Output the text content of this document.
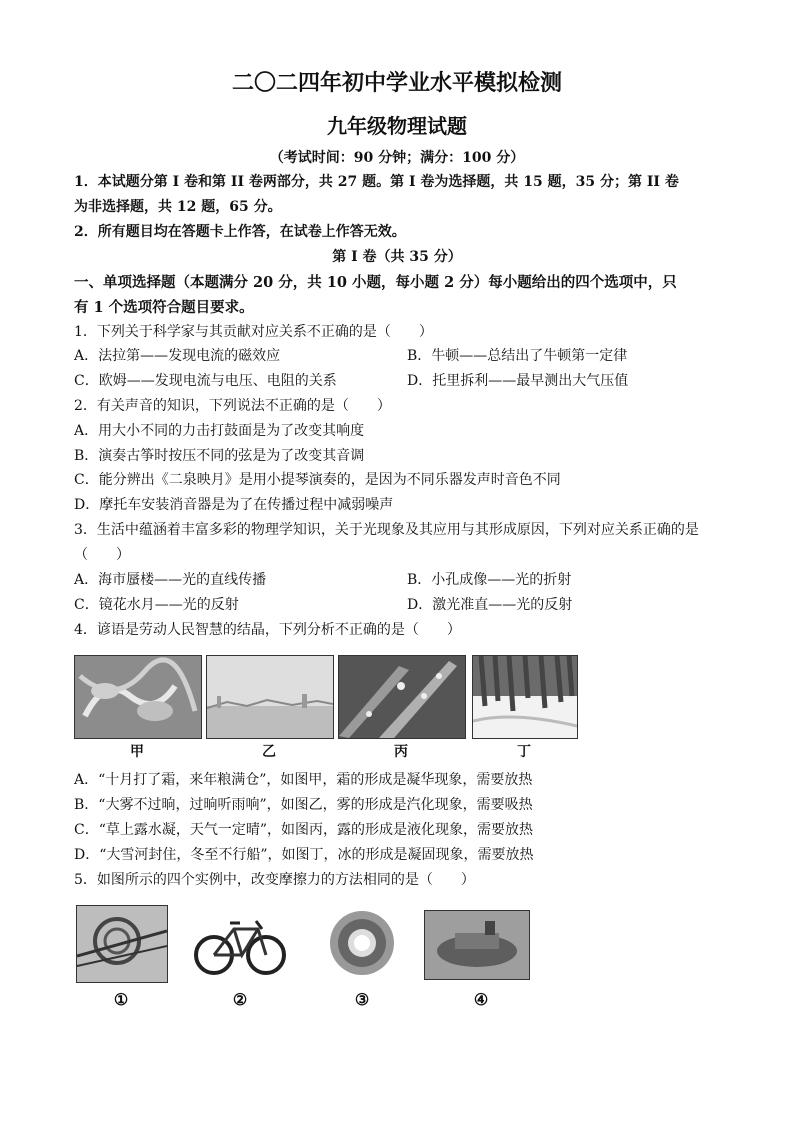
二〇二四年初中学业水平模拟检测
九年级物理试题
（考试时间：90 分钟；满分：100 分）
1．本试题分第 I 卷和第 II 卷两部分，共 27 题。第 I 卷为选择题，共 15 题，35 分；第 II 卷
为非选择题，共 12 题，65 分。
2．所有题目均在答题卡上作答，在试卷上作答无效。
第 I 卷（共 35 分）
一、单项选择题（本题满分 20 分，共 10 小题，每小题 2 分）每小题给出的四个选项中，只
有 1 个选项符合题目要求。
1．下列关于科学家与其贡献对应关系不正确的是（　　）
A．法拉第——发现电流的磁效应	B．牛顿——总结出了牛顿第一定律
C．欧姆——发现电流与电压、电阻的关系	D．托里拆利——最早测出大气压值
2．有关声音的知识，下列说法不正确的是（　　）
A．用大小不同的力击打鼓面是为了改变其响度
B．演奏古筝时按压不同的弦是为了改变其音调
C．能分辨出《二泉映月》是用小提琴演奏的，是因为不同乐器发声时音色不同
D．摩托车安装消音器是为了在传播过程中减弱噪声
3．生活中蕴涵着丰富多彩的物理学知识，关于光现象及其应用与其形成原因，下列对应关系正确的是
（　　）
A．海市蜃楼——光的直线传播	B．小孔成像——光的折射
C．镜花水月——光的反射	D．激光准直——光的反射
4．谚语是劳动人民智慧的结晶，下列分析不正确的是（　　）
甲	乙	丙	丁
A．“十月打了霜，来年粮满仓”，如图甲，霜的形成是凝华现象，需要放热
B．“大雾不过晌，过晌听雨响”，如图乙，雾的形成是汽化现象，需要吸热
C．“草上露水凝，天气一定晴”，如图丙，露的形成是液化现象，需要放热
D．“大雪河封住，冬至不行船”，如图丁，冰的形成是凝固现象，需要放热
5．如图所示的四个实例中，改变摩擦力的方法相同的是（　　）
①	②	③	④
